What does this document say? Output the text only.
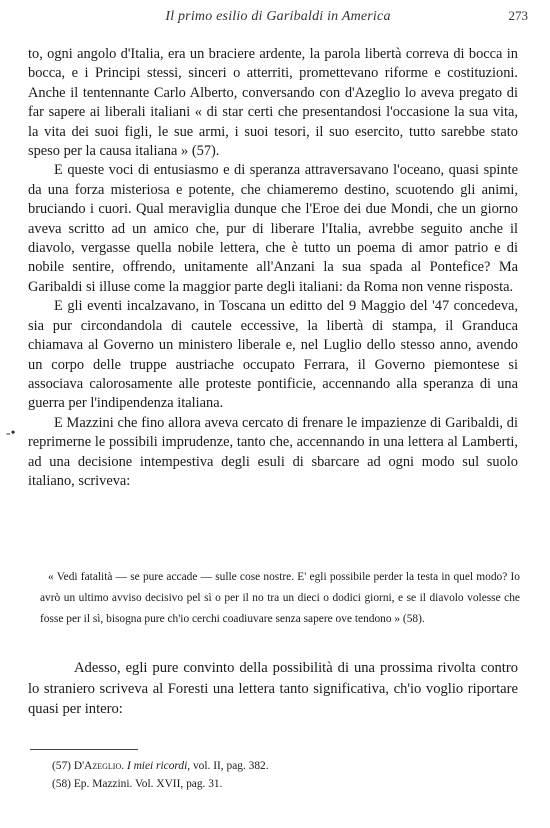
Il primo esilio di Garibaldi in America	273
-•

to, ogni angolo d'Italia, era un braciere ardente, la parola libertà correva di bocca in bocca, e i Principi stessi, sinceri o atterriti, promettevano riforme e costituzioni. Anche il tentennante Carlo Alberto, conversando con d'Azeglio lo aveva pregato di far sapere ai liberali italiani « di star certi che presentandosi l'occasione la sua vita, la vita dei suoi figli, le sue armi, i suoi tesori, il suo esercito, tutto sarebbe stato speso per la causa italiana » (57).

E queste voci di entusiasmo e di speranza attraversavano l'oceano, quasi spinte da una forza misteriosa e potente, che chiameremo destino, scuotendo gli animi, bruciando i cuori. Qual meraviglia dunque che l'Eroe dei due Mondi, che un giorno aveva scritto ad un amico che, pur di liberare l'Italia, avrebbe seguito anche il diavolo, vergasse quella nobile lettera, che è tutto un poema di amor patrio e di nobile sentire, offrendo, unitamente all'Anzani la sua spada al Pontefice? Ma Garibaldi si illuse come la maggior parte degli italiani: da Roma non venne risposta.

E gli eventi incalzavano, in Toscana un editto del 9 Maggio del '47 concedeva, sia pur circondandola di cautele eccessive, la libertà di stampa, il Granduca chiamava al Governo un ministero liberale e, nel Luglio dello stesso anno, avendo un corpo delle truppe austriache occupato Ferrara, il Governo piemontese si associava calorosamente alle proteste pontificie, accennando alla speranza di una guerra per l'indipendenza italiana.

E Mazzini che fino allora aveva cercato di frenare le impazienze di Garibaldi, di reprimerne le possibili imprudenze, tanto che, accennando in una lettera al Lamberti, ad una decisione intempestiva degli esuli di sbarcare ad ogni modo sul suolo italiano, scriveva:

« Vedi fatalità — se pure accade — sulle cose nostre. E' egli possibile perder la testa in quel modo? Io avrò un ultimo avviso decisivo pel sì o per il no tra un dieci o dodici giorni, e se il diavolo volesse che fosse per il sì, bisogna pure ch'io cerchi coadiuvare senza sapere ove tendono » (58).

Adesso, egli pure convinto della possibilità di una prossima rivolta contro lo straniero scriveva al Foresti una lettera tanto significativa, ch'io voglio riportare quasi per intero:

(57) D'Azeglio. I miei ricordi, vol. II, pag. 382.
(58) Ep. Mazzini. Vol. XVII, pag. 31.
